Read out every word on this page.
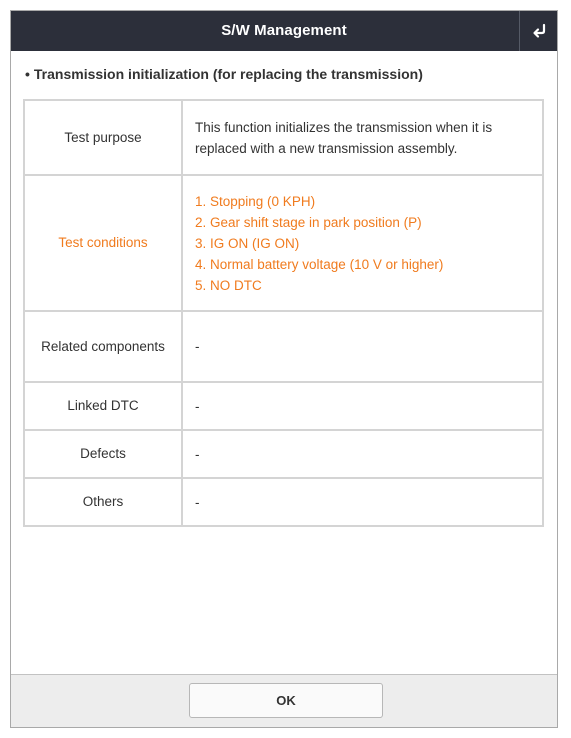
S/W Management
• Transmission initialization (for replacing the transmission)
Test purpose	This function initializes the transmission when it is replaced with a new transmission assembly.
Test conditions	1. Stopping (0 KPH)
2. Gear shift stage in park position (P)
3. IG ON (IG ON)
4. Normal battery voltage (10 V or higher)
5. NO DTC

Related components	-
Linked DTC	-
Defects	-
Others	-
OK
